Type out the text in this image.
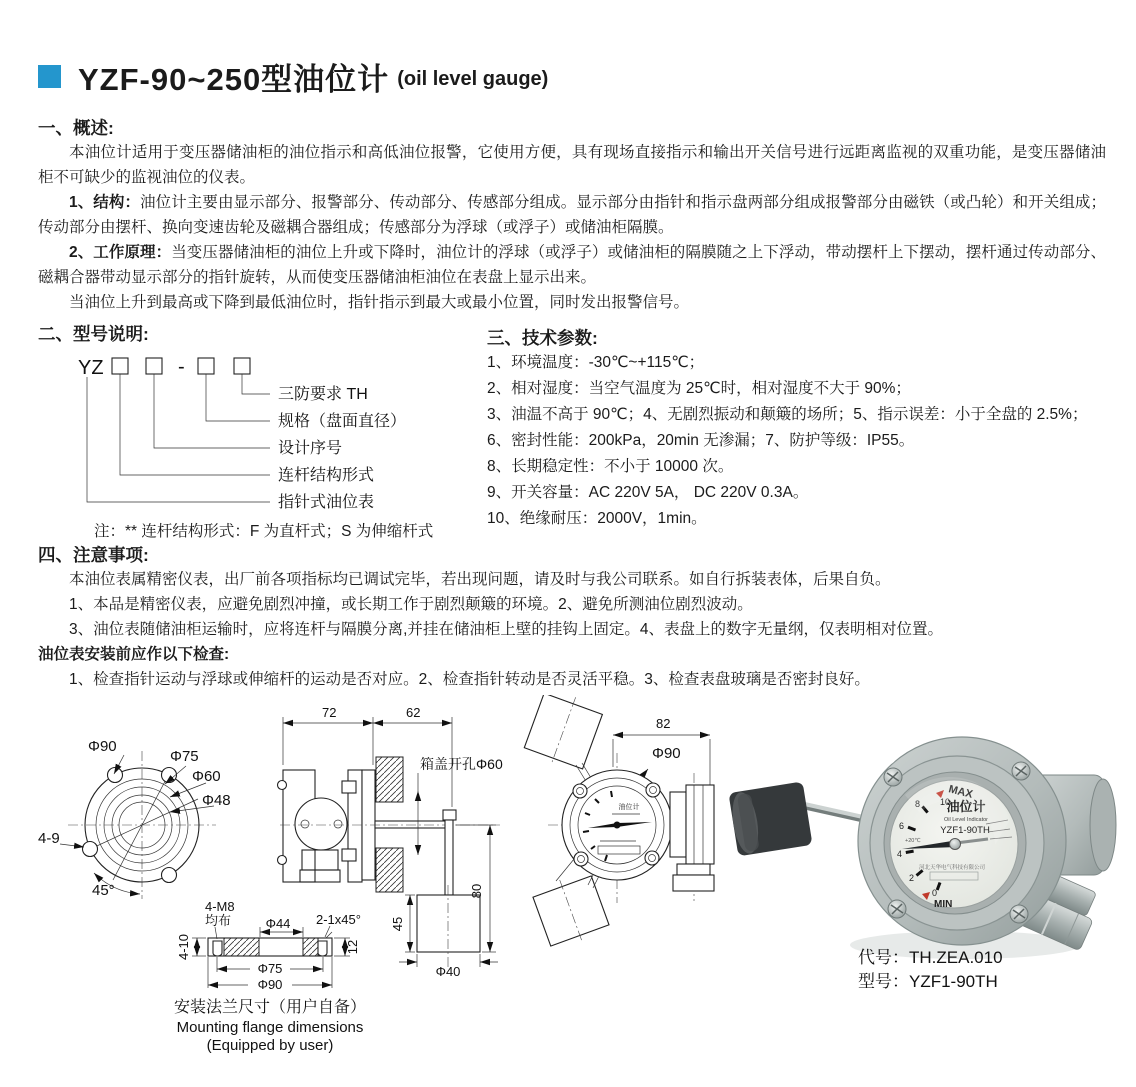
YZF-90~250型油位计 (oil level gauge)
一、概述:

本油位计适用于变压器储油柜的油位指示和高低油位报警，它使用方便，具有现场直接指示和输出开关信号进行远距离监视的双重功能，是变压器储油柜不可缺少的监视油位的仪表。

1、结构：油位计主要由显示部分、报警部分、传动部分、传感部分组成。显示部分由指针和指示盘两部分组成报警部分由磁铁（或凸轮）和开关组成；传动部分由摆杆、换向变速齿轮及磁耦合器组成；传感部分为浮球（或浮子）或储油柜隔膜。

2、工作原理：当变压器储油柜的油位上升或下降时，油位计的浮球（或浮子）或储油柜的隔膜随之上下浮动，带动摆杆上下摆动，摆杆通过传动部分、磁耦合器带动显示部分的指针旋转，从而使变压器储油柜油位在表盘上显示出来。

当油位上升到最高或下降到最低油位时，指针指示到最大或最小位置，同时发出报警信号。

二、型号说明:
YZ	-
三防要求 TH
规格（盘面直径）
设计序号
连杆结构形式
指针式油位表
注：** 连杆结构形式：F 为直杆式；S 为伸缩杆式
三、技术参数:
1、环境温度：-30℃~+115℃；
2、相对湿度：当空气温度为 25℃时，相对湿度不大于 90%；
3、油温不高于 90℃；4、无剧烈振动和颠簸的场所；5、指示误差：小于全盘的 2.5%；
6、密封性能：200kPa，20min 无渗漏；7、防护等级：IP55。
8、长期稳定性：不小于 10000 次。
9、开关容量：AC 220V 5A， DC 220V 0.3A。
10、绝缘耐压：2000V，1min。
四、注意事项:

本油位表属精密仪表，出厂前各项指标均已调试完毕，若出现问题，请及时与我公司联系。如自行拆装表体，后果自负。

1、本品是精密仪表，应避免剧烈冲撞，或长期工作于剧烈颠簸的环境。2、避免所测油位剧烈波动。

3、油位表随储油柜运输时，应将连杆与隔膜分离,并挂在储油柜上壁的挂钩上固定。4、表盘上的数字无量纲，仅表明相对位置。

油位表安装前应作以下检查:

1、检查指针运动与浮球或伸缩杆的运动是否对应。2、检查指针转动是否灵活平稳。3、检查表盘玻璃是否密封良好。

Φ90
Φ75
Φ60
Φ48
4-9
45°
72	62
箱盖开孔Φ60
80
45
Φ40
4-M8
均布	Φ44 2-1x45°
4-10	12
Φ75
Φ90
安装法兰尺寸（用户自备）
Mounting flange dimensions
(Equipped by user)
82
Φ90
油位计
MAX
10
油位计
Oil Level Indicator
YZF1-90TH
8
6
4
2
0
+20℃
MIN
河北天华电气科技有限公司
代号：TH.ZEA.010
型号：YZF1-90TH
